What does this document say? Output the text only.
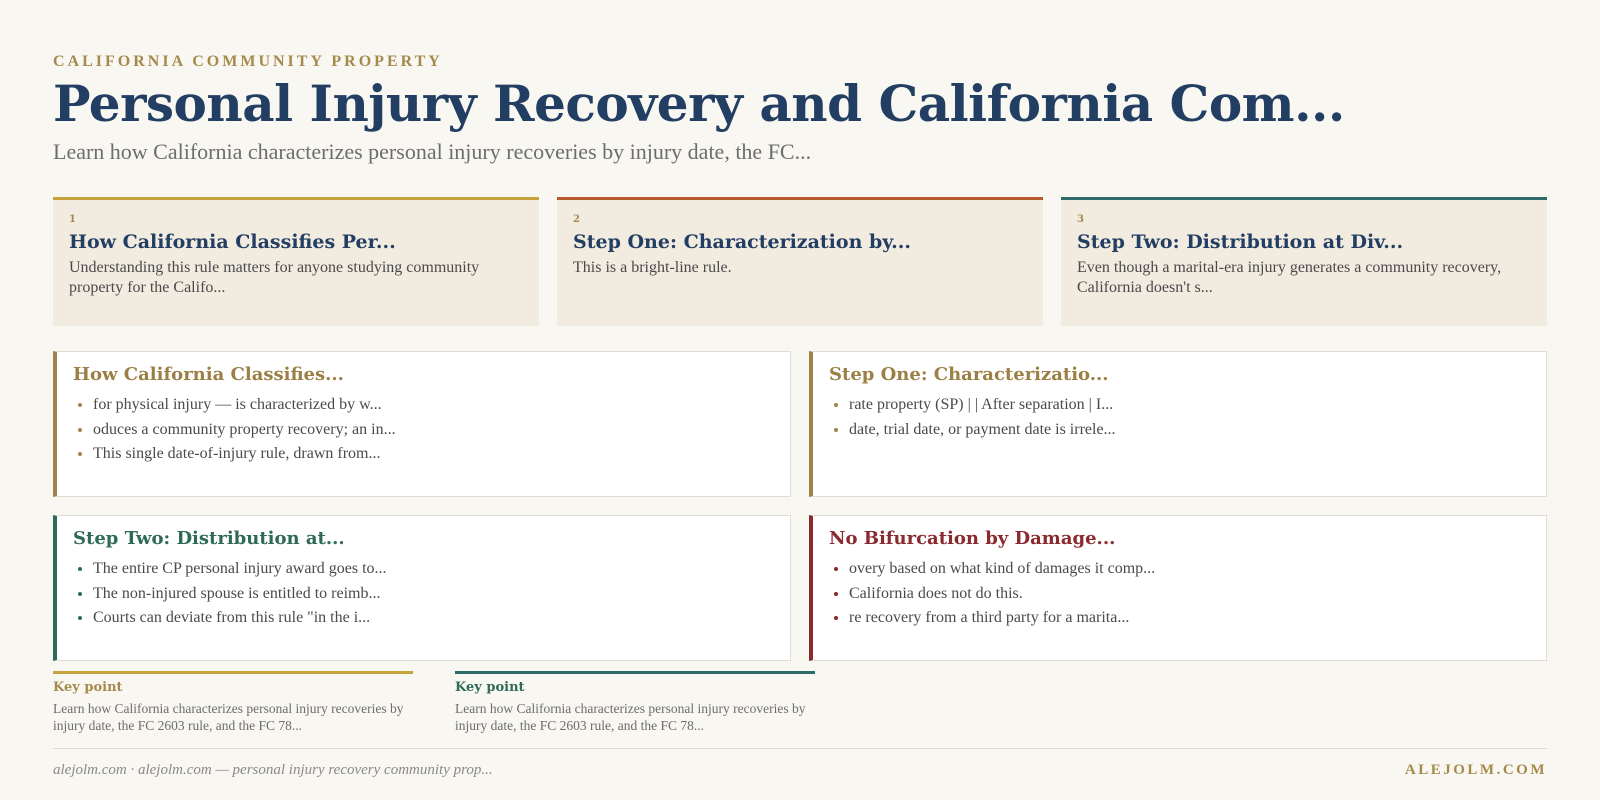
CALIFORNIA COMMUNITY PROPERTY
Personal Injury Recovery and California Com...
Learn how California characterizes personal injury recoveries by injury date, the FC...
1
How California Classifies Per...
Understanding this rule matters for anyone studying community property for the Califo...
2
Step One: Characterization by...
This is a bright-line rule.
3
Step Two: Distribution at Div...
Even though a marital-era injury generates a community recovery, California doesn't s...
How California Classifies...
• for physical injury — is characterized by w...
• oduces a community property recovery; an in...
• This single date-of-injury rule, drawn from...
Step One: Characterizatio...
• rate property (SP) | | After separation | I...
• date, trial date, or payment date is irrele...
Step Two: Distribution at...
• The entire CP personal injury award goes to...
• The non-injured spouse is entitled to reimb...
• Courts can deviate from this rule "in the i...
No Bifurcation by Damage...
• overy based on what kind of damages it comp...
• California does not do this.
• re recovery from a third party for a marita...
Key point
Learn how California characterizes personal injury recoveries by injury date, the FC 2603 rule, and the FC 78...
Key point
Learn how California characterizes personal injury recoveries by injury date, the FC 2603 rule, and the FC 78...
alejolm.com · alejolm.com — personal injury recovery community prop...	ALEJOLM.COM
